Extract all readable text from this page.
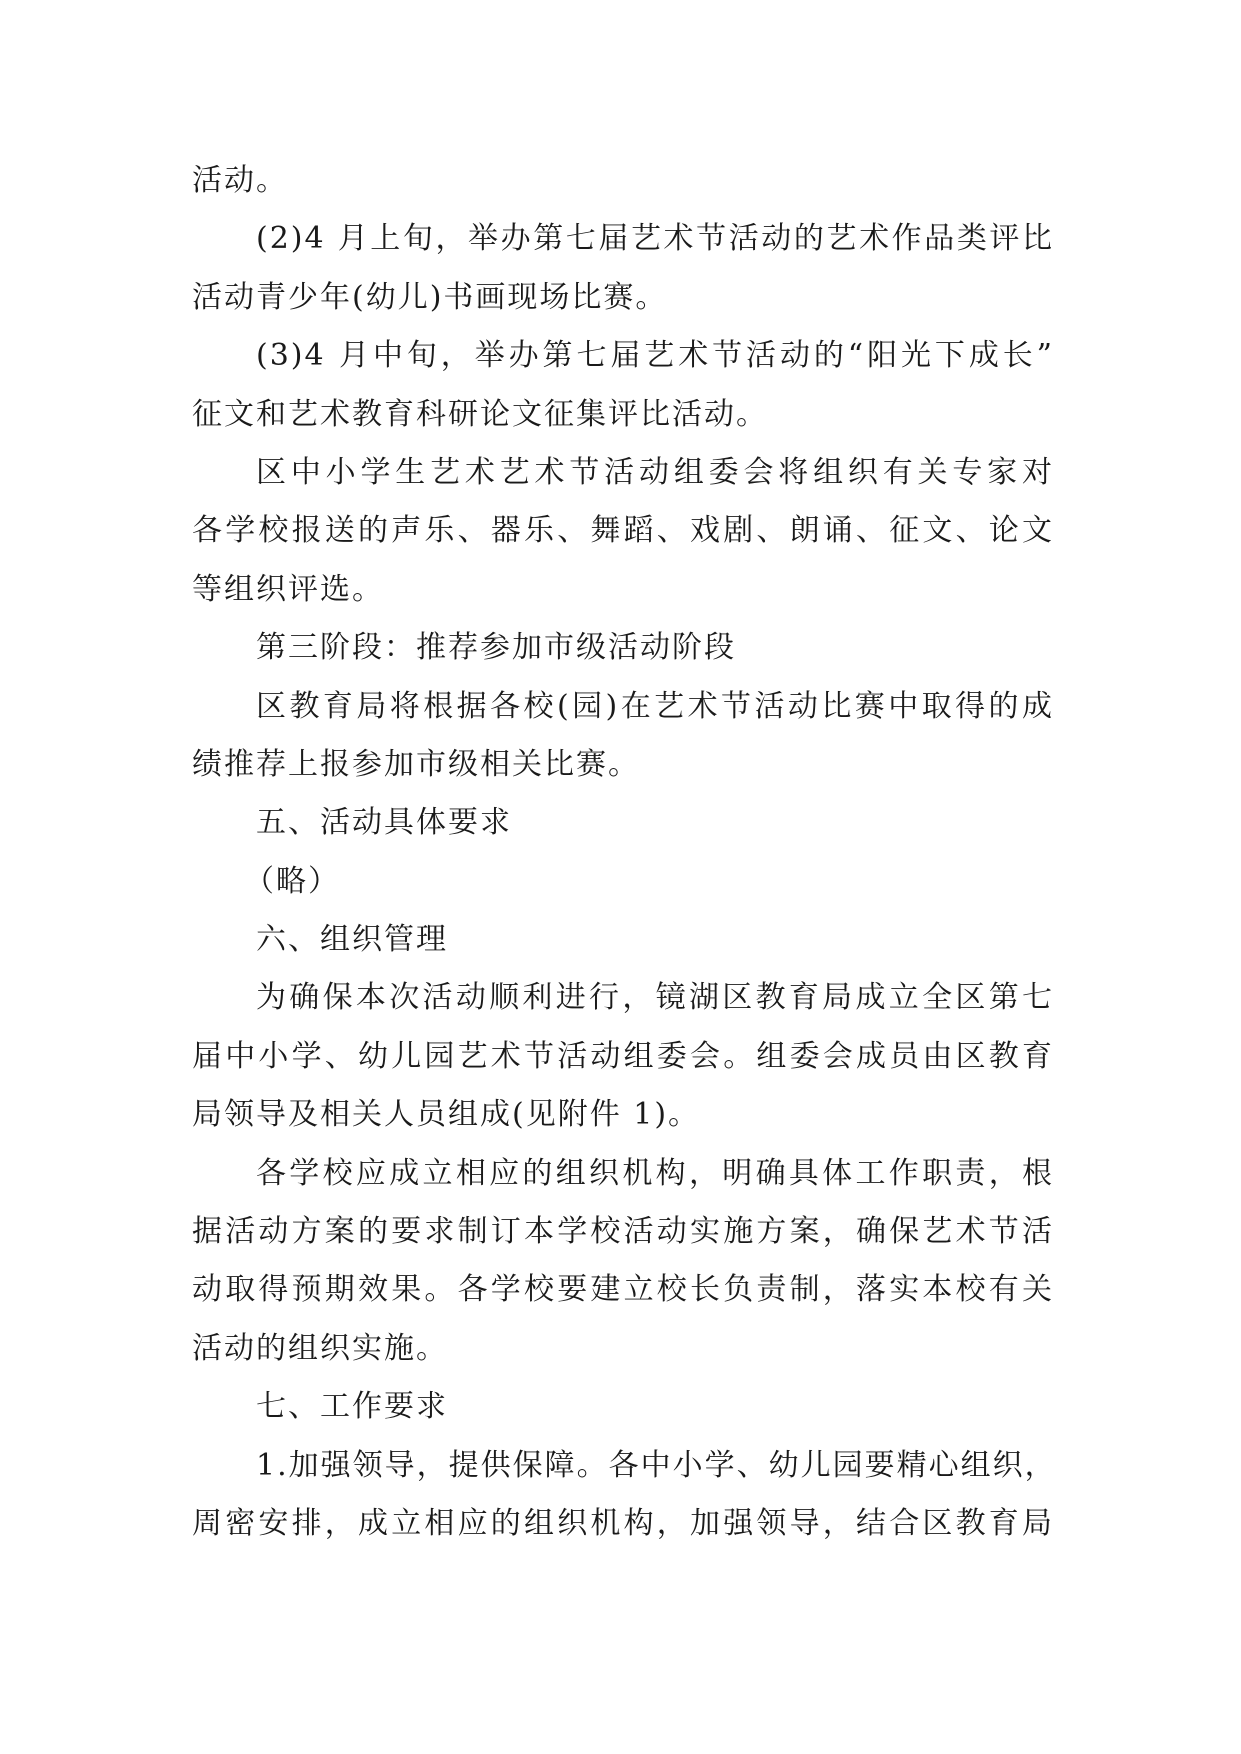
活动。
(2)4 月上旬，举办第七届艺术节活动的艺术作品类评比
活动青少年(幼儿)书画现场比赛。
(3)4 月中旬，举办第七届艺术节活动的“阳光下成长”
征文和艺术教育科研论文征集评比活动。
区中小学生艺术艺术节活动组委会将组织有关专家对
各学校报送的声乐、器乐、舞蹈、戏剧、朗诵、征文、论文
等组织评选。
第三阶段：推荐参加市级活动阶段
区教育局将根据各校(园)在艺术节活动比赛中取得的成
绩推荐上报参加市级相关比赛。
五、活动具体要求
（略）
六、组织管理
为确保本次活动顺利进行，镜湖区教育局成立全区第七
届中小学、幼儿园艺术节活动组委会。组委会成员由区教育
局领导及相关人员组成(见附件 1)。
各学校应成立相应的组织机构，明确具体工作职责，根
据活动方案的要求制订本学校活动实施方案，确保艺术节活
动取得预期效果。各学校要建立校长负责制，落实本校有关
活动的组织实施。
七、工作要求
1.加强领导，提供保障。各中小学、幼儿园要精心组织，
周密安排，成立相应的组织机构，加强领导，结合区教育局
